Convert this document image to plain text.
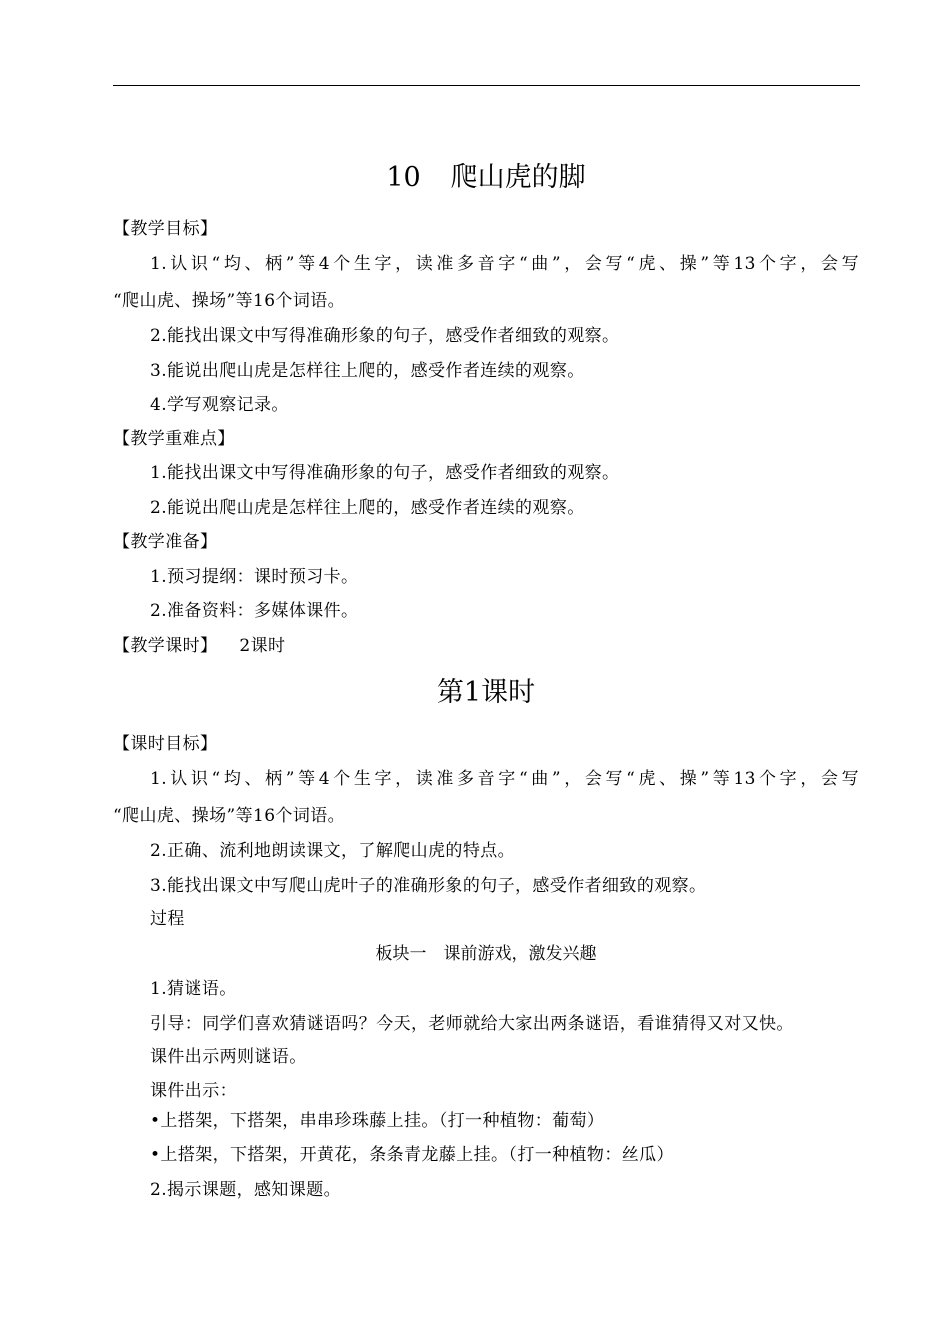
10 爬山虎的脚
【教学目标】
1.认识“均、柄”等4个生字，读准多音字“曲”，会写“虎、操”等13个字，会写
“爬山虎、操场”等16个词语。
2.能找出课文中写得准确形象的句子，感受作者细致的观察。
3.能说出爬山虎是怎样往上爬的，感受作者连续的观察。
4.学写观察记录。
【教学重难点】
1.能找出课文中写得准确形象的句子，感受作者细致的观察。
2.能说出爬山虎是怎样往上爬的，感受作者连续的观察。
【教学准备】
1.预习提纲：课时预习卡。
2.准备资料：多媒体课件。
【教学课时】 2课时
第1课时
【课时目标】
1.认识“均、柄”等4个生字，读准多音字“曲”，会写“虎、操”等13个字，会写
“爬山虎、操场”等16个词语。
2.正确、流利地朗读课文，了解爬山虎的特点。
3.能找出课文中写爬山虎叶子的准确形象的句子，感受作者细致的观察。
过程
板块一　课前游戏，激发兴趣
1.猜谜语。
引导：同学们喜欢猜谜语吗？今天，老师就给大家出两条谜语，看谁猜得又对又快。
课件出示两则谜语。
课件出示：
•上搭架，下搭架，串串珍珠藤上挂。（打一种植物：葡萄）
•上搭架，下搭架，开黄花，条条青龙藤上挂。（打一种植物：丝瓜）
2.揭示课题，感知课题。
